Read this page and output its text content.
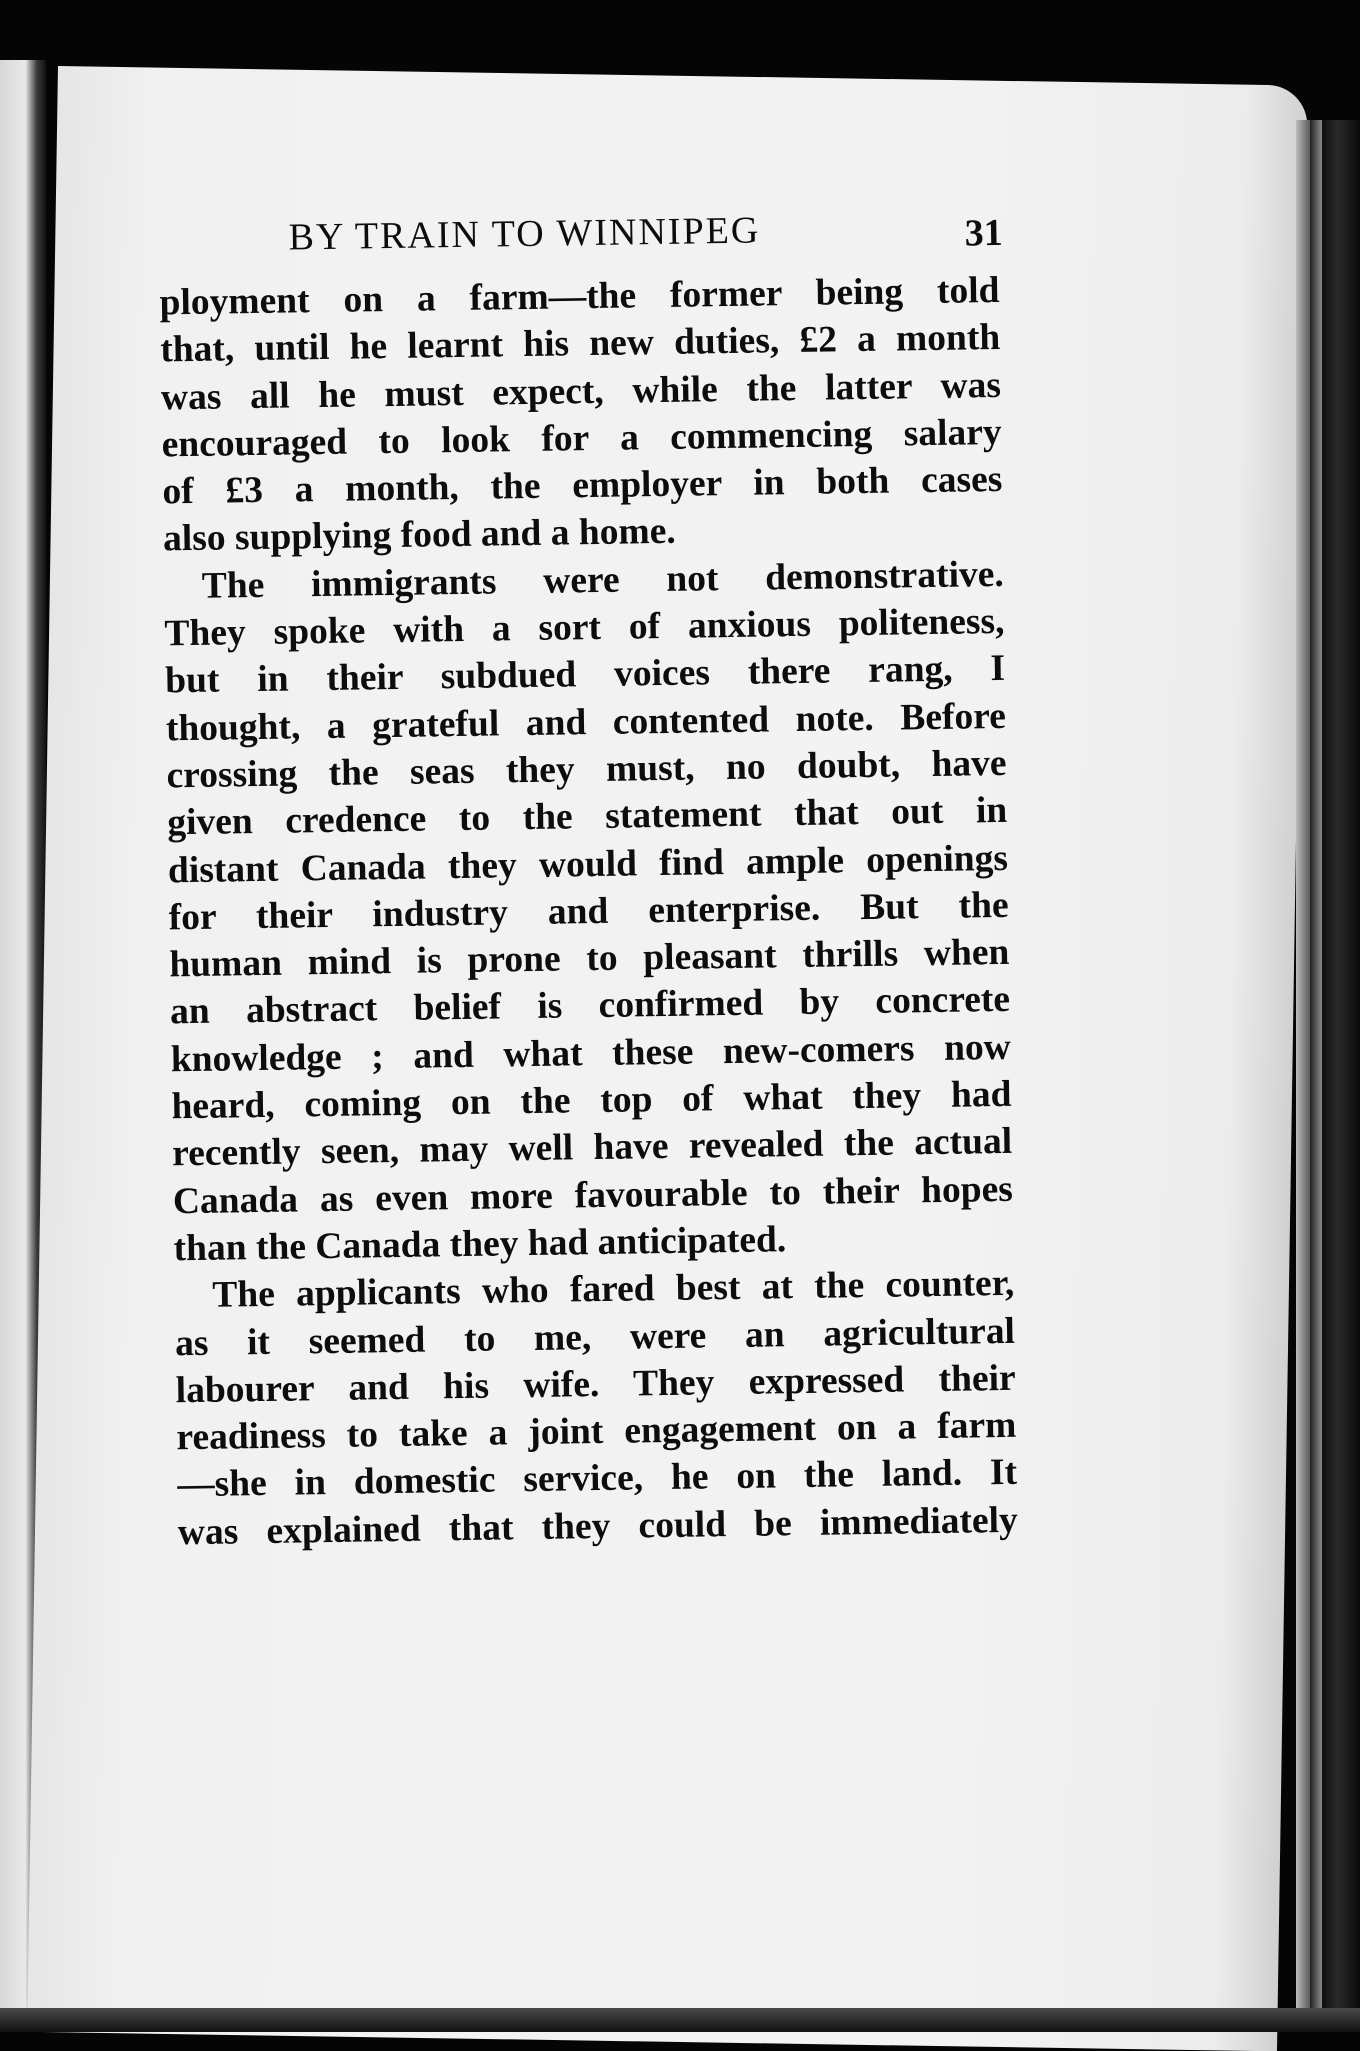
BY TRAIN TO WINNIPEG	31
ployment on a farm—the former being told
that, until he learnt his new duties, £2 a month
was all he must expect, while the latter was
encouraged to look for a commencing salary
of £3 a month, the employer in both cases
also supplying food and a home.
The immigrants were not demonstrative.
They spoke with a sort of anxious politeness,
but in their subdued voices there rang, I
thought, a grateful and contented note. Before
crossing the seas they must, no doubt, have
given credence to the statement that out in
distant Canada they would find ample openings
for their industry and enterprise. But the
human mind is prone to pleasant thrills when
an abstract belief is confirmed by concrete
knowledge ; and what these new-comers now
heard, coming on the top of what they had
recently seen, may well have revealed the actual
Canada as even more favourable to their hopes
than the Canada they had anticipated.
The applicants who fared best at the counter,
as it seemed to me, were an agricultural
labourer and his wife. They expressed their
readiness to take a joint engagement on a farm
—she in domestic service, he on the land. It
was explained that they could be immediately
